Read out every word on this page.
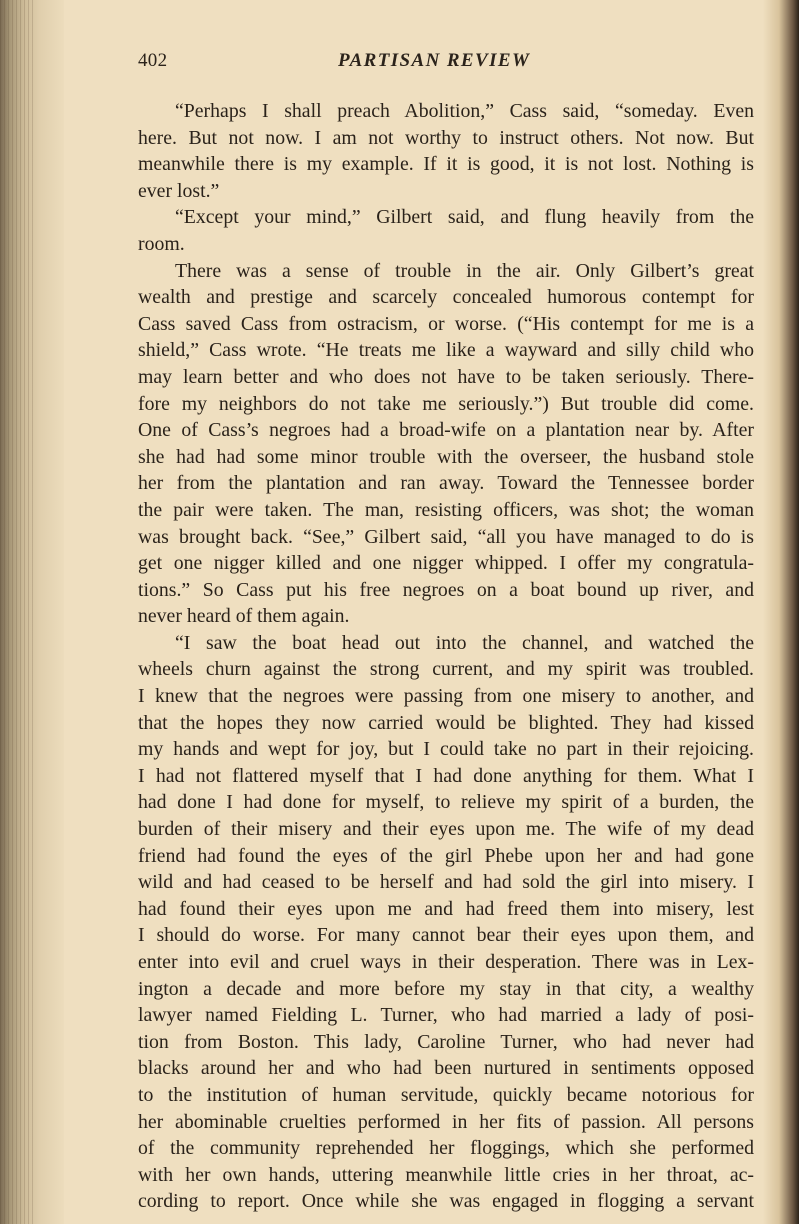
402	PARTISAN REVIEW
“Perhaps I shall preach Abolition,” Cass said, “someday. Even
here. But not now. I am not worthy to instruct others. Not now. But
meanwhile there is my example. If it is good, it is not lost. Nothing is
ever lost.”
“Except your mind,” Gilbert said, and flung heavily from the
room.
There was a sense of trouble in the air. Only Gilbert’s great
wealth and prestige and scarcely concealed humorous contempt for
Cass saved Cass from ostracism, or worse. (“His contempt for me is a
shield,” Cass wrote. “He treats me like a wayward and silly child who
may learn better and who does not have to be taken seriously. There-
fore my neighbors do not take me seriously.”) But trouble did come.
One of Cass’s negroes had a broad-wife on a plantation near by. After
she had had some minor trouble with the overseer, the husband stole
her from the plantation and ran away. Toward the Tennessee border
the pair were taken. The man, resisting officers, was shot; the woman
was brought back. “See,” Gilbert said, “all you have managed to do is
get one nigger killed and one nigger whipped. I offer my congratula-
tions.” So Cass put his free negroes on a boat bound up river, and
never heard of them again.
“I saw the boat head out into the channel, and watched the
wheels churn against the strong current, and my spirit was troubled.
I knew that the negroes were passing from one misery to another, and
that the hopes they now carried would be blighted. They had kissed
my hands and wept for joy, but I could take no part in their rejoicing.
I had not flattered myself that I had done anything for them. What I
had done I had done for myself, to relieve my spirit of a burden, the
burden of their misery and their eyes upon me. The wife of my dead
friend had found the eyes of the girl Phebe upon her and had gone
wild and had ceased to be herself and had sold the girl into misery. I
had found their eyes upon me and had freed them into misery, lest
I should do worse. For many cannot bear their eyes upon them, and
enter into evil and cruel ways in their desperation. There was in Lex-
ington a decade and more before my stay in that city, a wealthy
lawyer named Fielding L. Turner, who had married a lady of posi-
tion from Boston. This lady, Caroline Turner, who had never had
blacks around her and who had been nurtured in sentiments opposed
to the institution of human servitude, quickly became notorious for
her abominable cruelties performed in her fits of passion. All persons
of the community reprehended her floggings, which she performed
with her own hands, uttering meanwhile little cries in her throat, ac-
cording to report. Once while she was engaged in flogging a servant
